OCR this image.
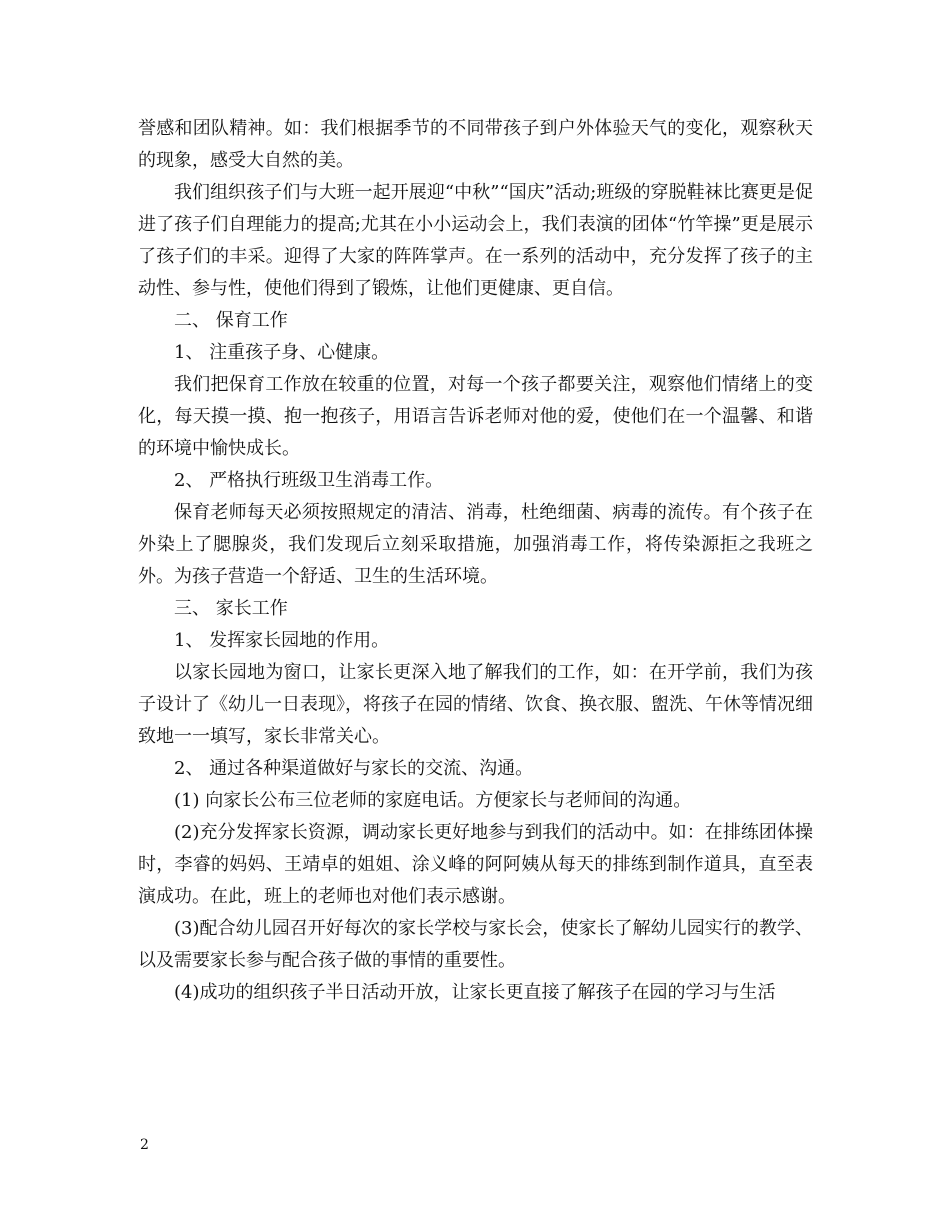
誉感和团队精神。如：我们根据季节的不同带孩子到户外体验天气的变化，观察秋天的现象，感受大自然的美。

我们组织孩子们与大班一起开展迎“中秋”“国庆”活动;班级的穿脱鞋袜比赛更是促进了孩子们自理能力的提高;尤其在小小运动会上，我们表演的团体“竹竿操”更是展示了孩子们的丰采。迎得了大家的阵阵掌声。在一系列的活动中，充分发挥了孩子的主动性、参与性，使他们得到了锻炼，让他们更健康、更自信。

二、 保育工作

1、 注重孩子身、心健康。

我们把保育工作放在较重的位置，对每一个孩子都要关注，观察他们情绪上的变化，每天摸一摸、抱一抱孩子，用语言告诉老师对他的爱，使他们在一个温馨、和谐的环境中愉快成长。

2、 严格执行班级卫生消毒工作。

保育老师每天必须按照规定的清洁、消毒，杜绝细菌、病毒的流传。有个孩子在外染上了腮腺炎，我们发现后立刻采取措施，加强消毒工作，将传染源拒之我班之外。为孩子营造一个舒适、卫生的生活环境。

三、 家长工作

1、 发挥家长园地的作用。

以家长园地为窗口，让家长更深入地了解我们的工作，如：在开学前，我们为孩子设计了《幼儿一日表现》，将孩子在园的情绪、饮食、换衣服、盥洗、午休等情况细致地一一填写，家长非常关心。

2、 通过各种渠道做好与家长的交流、沟通。

(1) 向家长公布三位老师的家庭电话。方便家长与老师间的沟通。

(2)充分发挥家长资源，调动家长更好地参与到我们的活动中。如：在排练团体操时，李睿的妈妈、王靖卓的姐姐、涂义峰的阿阿姨从每天的排练到制作道具，直至表演成功。在此，班上的老师也对他们表示感谢。

(3)配合幼儿园召开好每次的家长学校与家长会，使家长了解幼儿园实行的教学、以及需要家长参与配合孩子做的事情的重要性。

(4)成功的组织孩子半日活动开放，让家长更直接了解孩子在园的学习与生活

2
